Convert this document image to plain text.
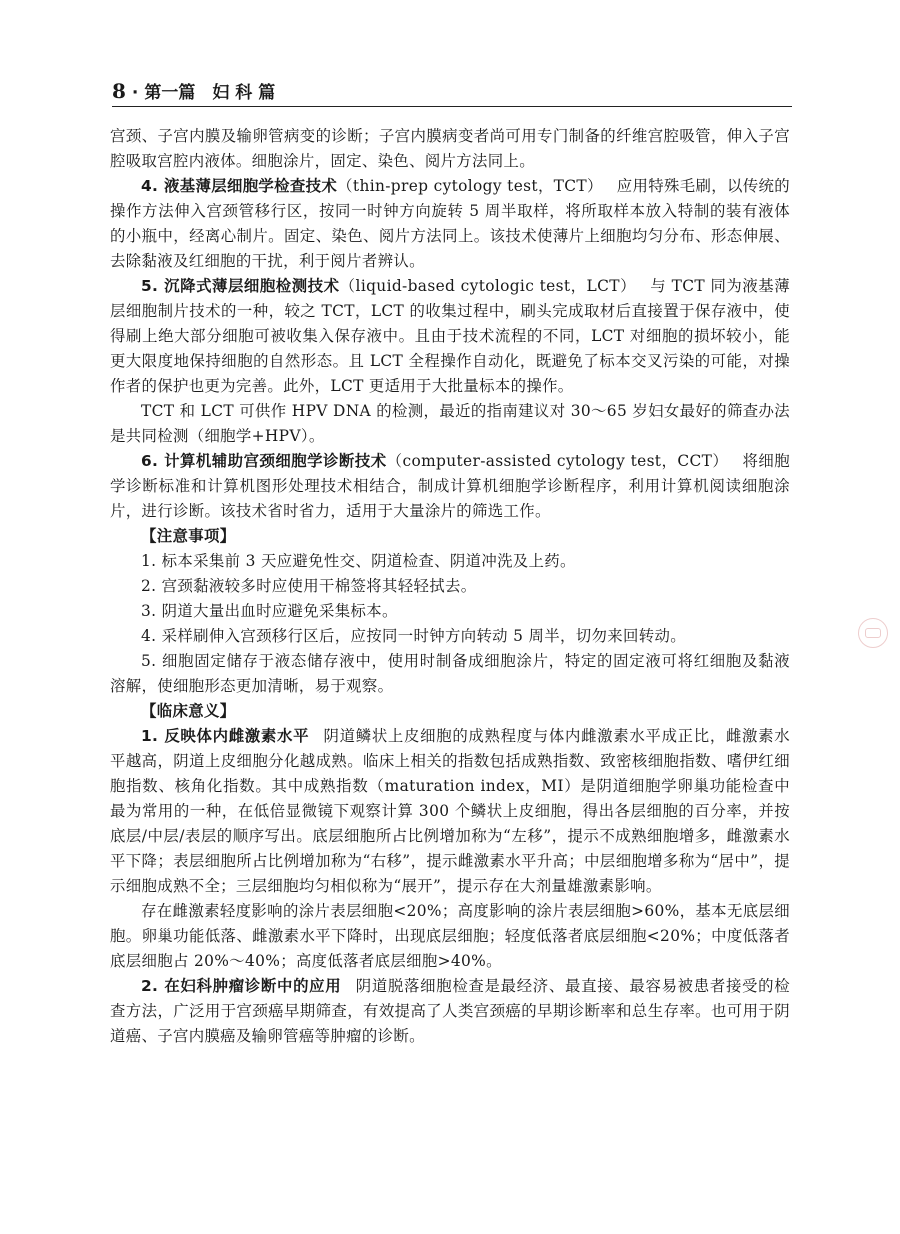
8 · 第一篇　妇 科 篇

宫颈、子宫内膜及输卵管病变的诊断；子宫内膜病变者尚可用专门制备的纤维宫腔吸管，伸入子宫腔吸取宫腔内液体。细胞涂片，固定、染色、阅片方法同上。

4. 液基薄层细胞学检查技术（thin-prep cytology test，TCT） 应用特殊毛刷，以传统的操作方法伸入宫颈管移行区，按同一时钟方向旋转 5 周半取样，将所取样本放入特制的装有液体的小瓶中，经离心制片。固定、染色、阅片方法同上。该技术使薄片上细胞均匀分布、形态伸展、去除黏液及红细胞的干扰，利于阅片者辨认。

5. 沉降式薄层细胞检测技术（liquid-based cytologic test，LCT） 与 TCT 同为液基薄层细胞制片技术的一种，较之 TCT，LCT 的收集过程中，刷头完成取材后直接置于保存液中，使得刷上绝大部分细胞可被收集入保存液中。且由于技术流程的不同，LCT 对细胞的损坏较小，能更大限度地保持细胞的自然形态。且 LCT 全程操作自动化，既避免了标本交叉污染的可能，对操作者的保护也更为完善。此外，LCT 更适用于大批量标本的操作。

TCT 和 LCT 可供作 HPV DNA 的检测，最近的指南建议对 30～65 岁妇女最好的筛查办法是共同检测（细胞学+HPV）。

6. 计算机辅助宫颈细胞学诊断技术（computer-assisted cytology test，CCT） 将细胞学诊断标准和计算机图形处理技术相结合，制成计算机细胞学诊断程序，利用计算机阅读细胞涂片，进行诊断。该技术省时省力，适用于大量涂片的筛选工作。

【注意事项】

1. 标本采集前 3 天应避免性交、阴道检查、阴道冲洗及上药。

2. 宫颈黏液较多时应使用干棉签将其轻轻拭去。

3. 阴道大量出血时应避免采集标本。

4. 采样刷伸入宫颈移行区后，应按同一时钟方向转动 5 周半，切勿来回转动。

5. 细胞固定储存于液态储存液中，使用时制备成细胞涂片，特定的固定液可将红细胞及黏液溶解，使细胞形态更加清晰，易于观察。

【临床意义】

1. 反映体内雌激素水平 阴道鳞状上皮细胞的成熟程度与体内雌激素水平成正比，雌激素水平越高，阴道上皮细胞分化越成熟。临床上相关的指数包括成熟指数、致密核细胞指数、嗜伊红细胞指数、核角化指数。其中成熟指数（maturation index，MI）是阴道细胞学卵巢功能检查中最为常用的一种，在低倍显微镜下观察计算 300 个鳞状上皮细胞，得出各层细胞的百分率，并按底层/中层/表层的顺序写出。底层细胞所占比例增加称为“左移”，提示不成熟细胞增多，雌激素水平下降；表层细胞所占比例增加称为“右移”，提示雌激素水平升高；中层细胞增多称为“居中”，提示细胞成熟不全；三层细胞均匀相似称为“展开”，提示存在大剂量雄激素影响。

存在雌激素轻度影响的涂片表层细胞<20%；高度影响的涂片表层细胞>60%，基本无底层细胞。卵巢功能低落、雌激素水平下降时，出现底层细胞；轻度低落者底层细胞<20%；中度低落者底层细胞占 20%～40%；高度低落者底层细胞>40%。

2. 在妇科肿瘤诊断中的应用 阴道脱落细胞检查是最经济、最直接、最容易被患者接受的检查方法，广泛用于宫颈癌早期筛查，有效提高了人类宫颈癌的早期诊断率和总生存率。也可用于阴道癌、子宫内膜癌及输卵管癌等肿瘤的诊断。
